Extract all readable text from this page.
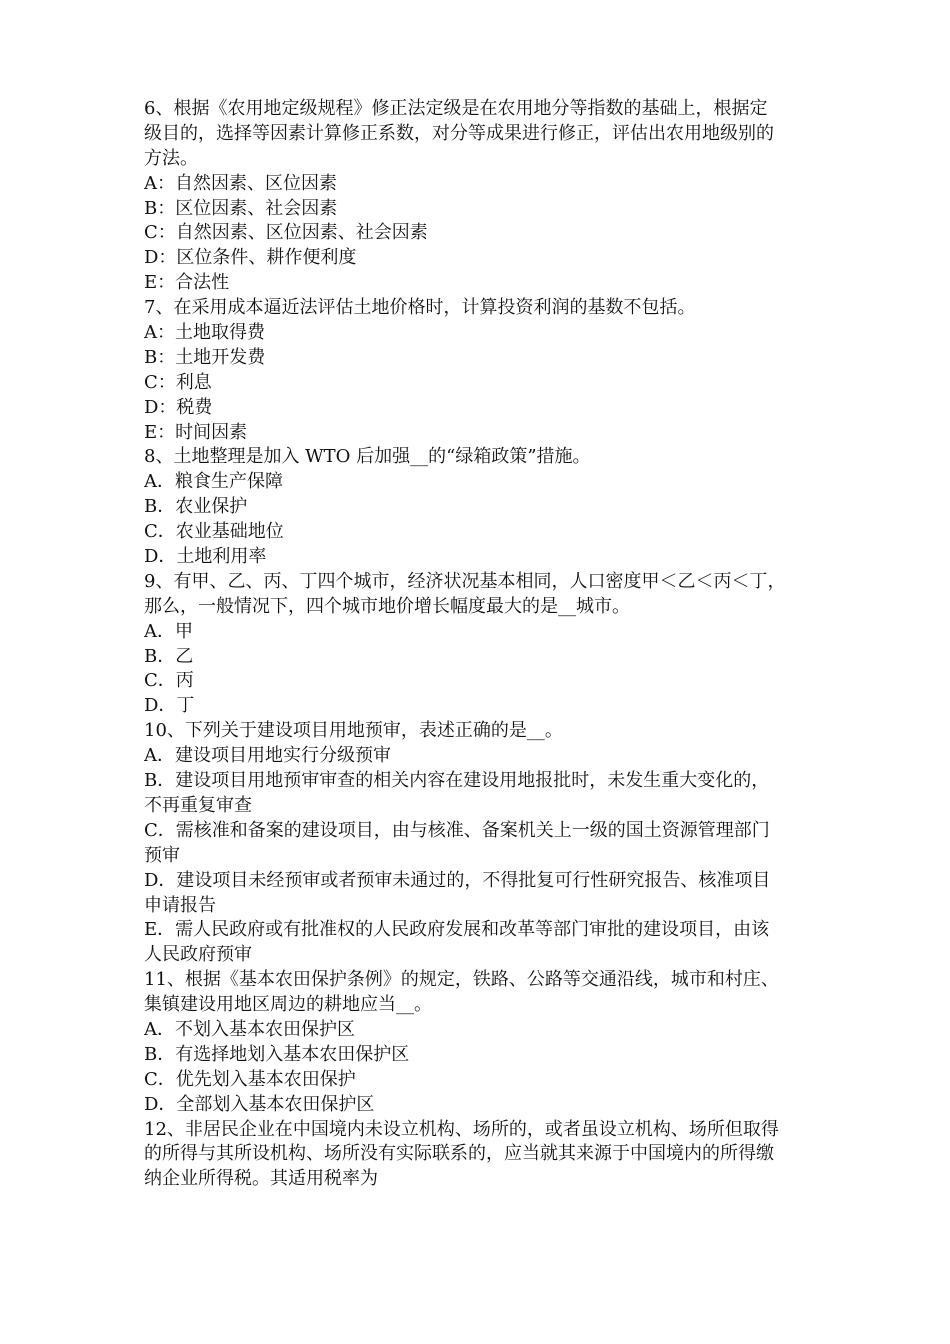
6、根据《农用地定级规程》修正法定级是在农用地分等指数的基础上，根据定
级目的，选择等因素计算修正系数，对分等成果进行修正，评估出农用地级别的
方法。
A：自然因素、区位因素
B：区位因素、社会因素
C：自然因素、区位因素、社会因素
D：区位条件、耕作便利度
E：合法性
7、在采用成本逼近法评估土地价格时，计算投资利润的基数不包括。
A：土地取得费
B：土地开发费
C：利息
D：税费
E：时间因素
8、土地整理是加入 WTO 后加强__的“绿箱政策”措施。
A．粮食生产保障
B．农业保护
C．农业基础地位
D．土地利用率
9、有甲、乙、丙、丁四个城市，经济状况基本相同，人口密度甲＜乙＜丙＜丁，
那么，一般情况下，四个城市地价增长幅度最大的是__城市。
A．甲
B．乙
C．丙
D．丁
10、下列关于建设项目用地预审，表述正确的是__。
A．建设项目用地实行分级预审
B．建设项目用地预审审查的相关内容在建设用地报批时，未发生重大变化的，
不再重复审查
C．需核准和备案的建设项目，由与核准、备案机关上一级的国土资源管理部门
预审
D．建设项目未经预审或者预审未通过的，不得批复可行性研究报告、核准项目
申请报告
E．需人民政府或有批准权的人民政府发展和改革等部门审批的建设项目，由该
人民政府预审
11、根据《基本农田保护条例》的规定，铁路、公路等交通沿线，城市和村庄、
集镇建设用地区周边的耕地应当__。
A．不划入基本农田保护区
B．有选择地划入基本农田保护区
C．优先划入基本农田保护
D．全部划入基本农田保护区
12、非居民企业在中国境内未设立机构、场所的，或者虽设立机构、场所但取得
的所得与其所设机构、场所没有实际联系的，应当就其来源于中国境内的所得缴
纳企业所得税。其适用税率为
